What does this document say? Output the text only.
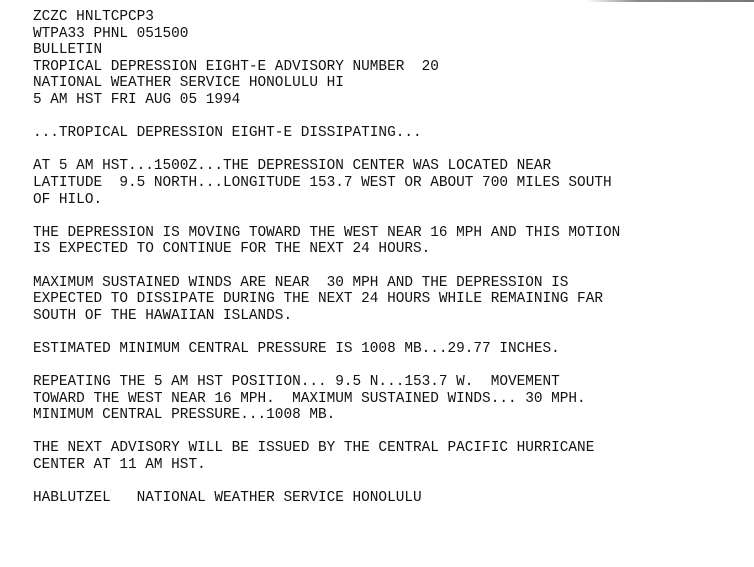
ZCZC HNLTCPCP3
WTPA33 PHNL 051500
BULLETIN
TROPICAL DEPRESSION EIGHT-E ADVISORY NUMBER  20
NATIONAL WEATHER SERVICE HONOLULU HI
5 AM HST FRI AUG 05 1994
...TROPICAL DEPRESSION EIGHT-E DISSIPATING...
AT 5 AM HST...1500Z...THE DEPRESSION CENTER WAS LOCATED NEAR
LATITUDE  9.5 NORTH...LONGITUDE 153.7 WEST OR ABOUT 700 MILES SOUTH
OF HILO.
THE DEPRESSION IS MOVING TOWARD THE WEST NEAR 16 MPH AND THIS MOTION
IS EXPECTED TO CONTINUE FOR THE NEXT 24 HOURS.
MAXIMUM SUSTAINED WINDS ARE NEAR  30 MPH AND THE DEPRESSION IS
EXPECTED TO DISSIPATE DURING THE NEXT 24 HOURS WHILE REMAINING FAR
SOUTH OF THE HAWAIIAN ISLANDS.
ESTIMATED MINIMUM CENTRAL PRESSURE IS 1008 MB...29.77 INCHES.
REPEATING THE 5 AM HST POSITION... 9.5 N...153.7 W.  MOVEMENT
TOWARD THE WEST NEAR 16 MPH.  MAXIMUM SUSTAINED WINDS... 30 MPH.
MINIMUM CENTRAL PRESSURE...1008 MB.
THE NEXT ADVISORY WILL BE ISSUED BY THE CENTRAL PACIFIC HURRICANE
CENTER AT 11 AM HST.
HABLUTZEL   NATIONAL WEATHER SERVICE HONOLULU
